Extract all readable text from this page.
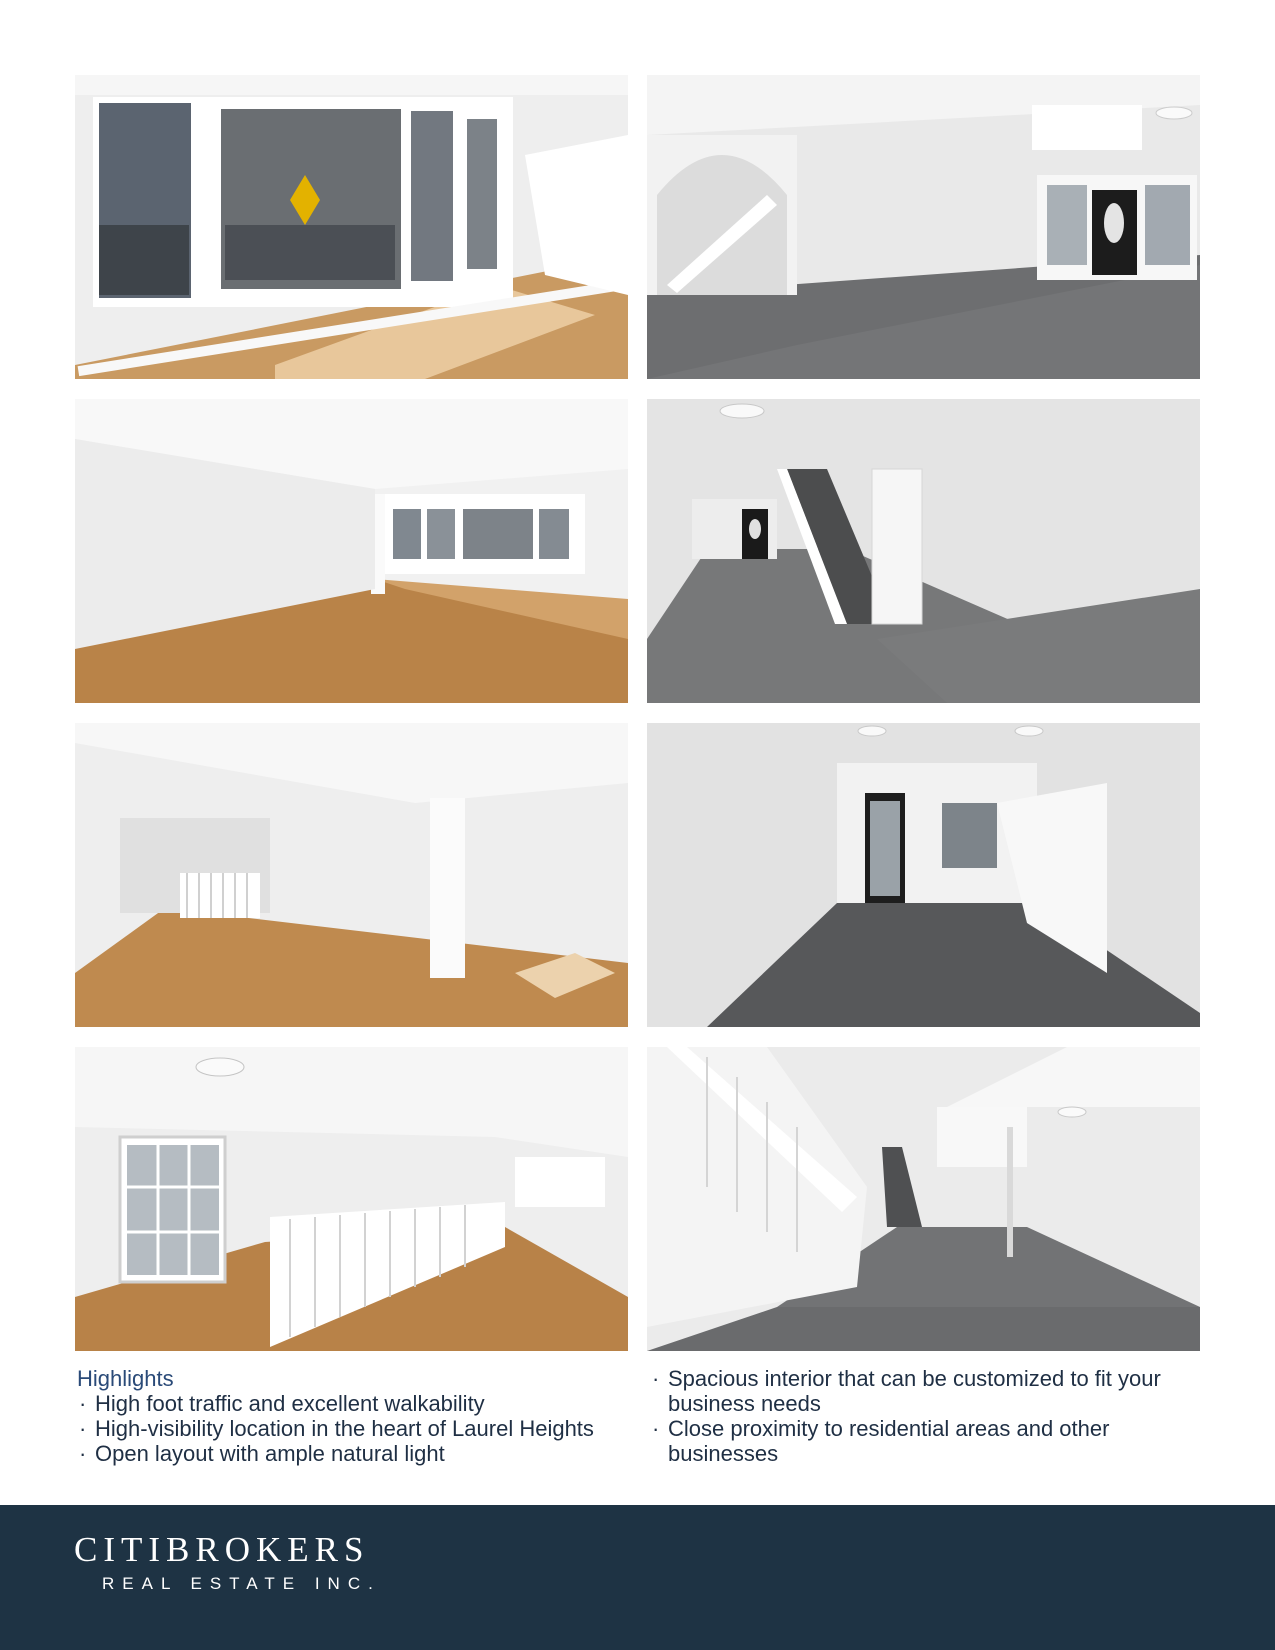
Highlights
· High foot traffic and excellent walkability
· High-visibility location in the heart of Laurel Heights
· Open layout with ample natural light
· Spacious interior that can be customized to fit your business needs
· Close proximity to residential areas and other businesses
CITIBROKERS
REAL ESTATE INC.
